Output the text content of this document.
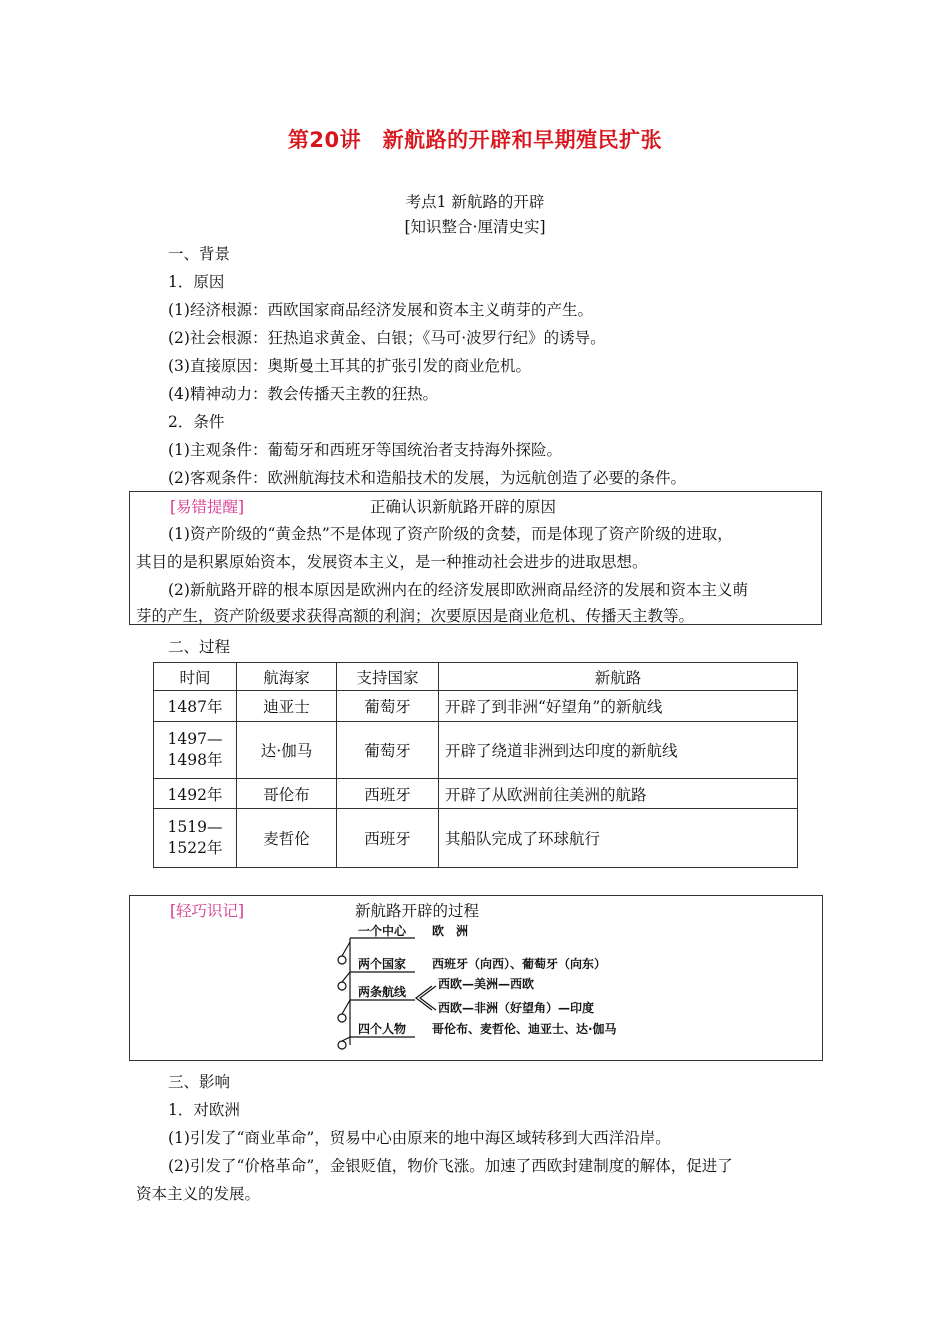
第20讲　新航路的开辟和早期殖民扩张
考点1 新航路的开辟
[知识整合·厘清史实]
一、背景
1．原因
(1)经济根源：西欧国家商品经济发展和资本主义萌芽的产生。
(2)社会根源：狂热追求黄金、白银；《马可·波罗行纪》的诱导。
(3)直接原因：奥斯曼土耳其的扩张引发的商业危机。
(4)精神动力：教会传播天主教的狂热。
2．条件
(1)主观条件：葡萄牙和西班牙等国统治者支持海外探险。
(2)客观条件：欧洲航海技术和造船技术的发展，为远航创造了必要的条件。
[易错提醒]	正确认识新航路开辟的原因
(1)资产阶级的“黄金热”不是体现了资产阶级的贪婪，而是体现了资产阶级的进取，
其目的是积累原始资本，发展资本主义，是一种推动社会进步的进取思想。
(2)新航路开辟的根本原因是欧洲内在的经济发展即欧洲商品经济的发展和资本主义萌
芽的产生，资产阶级要求获得高额的利润；次要原因是商业危机、传播天主教等。
二、过程
时间	航海家	支持国家	新航路
1487年	迪亚士	葡萄牙	开辟了到非洲“好望角”的新航线

1497—
1498年	达·伽马	葡萄牙	开辟了绕道非洲到达印度的新航线
1492年	哥伦布	西班牙	开辟了从欧洲前往美洲的航路

1519—
1522年	麦哲伦	西班牙	其船队完成了环球航行
[轻巧识记]	新航路开辟的过程
一个中心 欧　洲
两个国家 西班牙（向西）、葡萄牙（向东）
两条航线
西欧—美洲—西欧
西欧—非洲（好望角）—印度
四个人物 哥伦布、麦哲伦、迪亚士、达·伽马
三、影响
1．对欧洲
(1)引发了“商业革命”，贸易中心由原来的地中海区域转移到大西洋沿岸。
(2)引发了“价格革命”，金银贬值，物价飞涨。加速了西欧封建制度的解体，促进了
资本主义的发展。
